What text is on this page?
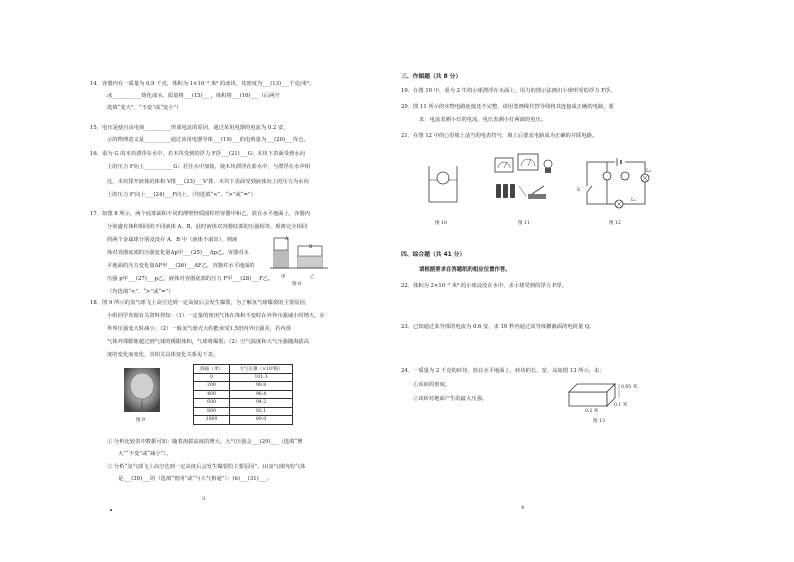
14．容器内有一质量为 0.9 千克，体积为 1×10⁻³ 米³ 的冰块，其密度为___(13)___千克/米³；
冰___________熔化成水，质量将___(15)___，体积将___(16)___（后两空
选填“变大”、“不变”或“变小”）
15．电压是使自由电荷__________形成电流的原因，通过某用电器的电流为 0.2 安，
示的物理意义是__________通过该用电器导体___(19)___的电荷量为___(20)___库仑。
16．重为 G 的木块漂浮在水中，若木块受到的浮力 F浮___(21)___G；木块下表面受到水向
上的压力 F向上___________G；若往水中加盐，使木块漂浮在盐水中，与漂浮在水中相
比，木块排开液体的体积 V排___(23)___V'排，木块下表面受到液体向上的压力为水向
上的压力 F'向上___(24)___F向上。（均选填“<”、“>”或“=”）
17．如图 8 所示，两个底部面积不同的薄壁轻质圆柱形容器甲和乙，放在水平地面上，容器内
分别盛有体积相同的不同液体 A、B，此时液体对容器底部的压强相等，现将完全相同
的两个金属球分别浸没在 A、B 中（液体不溢出），则液
体对容器底部的压强变化量Δp甲___(25)___Δp乙，容器对水
平地面的压力变化量ΔF甲___(26)___ΔF乙，容器对水平地面的
压强 p甲___(27)___p乙，液体对容器底部的压力 F甲___(28)___F乙。
（均选填“<”、“>”或“=”）
A
B
甲	乙
图 8
18．图 9 所示的氢气球飞上高空达到一定高度后会发生爆裂，为了解氢气球爆裂的主要原因，
小组同学查阅有关资料得知：（1）一定量的密闭气体在体积不变时在外界压强减小时增大，在
外界压强变大时减小；（2）一般氢气球壳大约能承受1.5倍内外压强差，若内部
气体外部膨胀超过到气球的极限体积，气球将爆裂；（2）空气温度和大气压强随海拔高
度的变化而变化，其相关具体变化关系见下表。
图 9
海拔（米）	大气压强（×10³帕）
0	101.3
200	98.8
400	96.4
600	94.2
800	92.1
1000	89.9
① 分析比较表中数据可知：随着海拔高度的增大，大气压强会___(29)___（选填“增
大”“不变”或“减小”）。
② 分析“氢气球飞上高空达到一定高度后会发生爆裂的主要原因”，(i)氢气球内的气体
是___(30)___的（选填“密闭”或“与大气相通”）；(ii)___(31)___。
3
三、作图题（共 8 分）
19．在图 10 中，重为 2 牛的小球漂浮在水面上，用力的图示法画出小球所受的浮力 F浮。
20．图 11 所示的实物电路连接还不完整，请用笔画线代替导线将其连接成正确的电路，要
求：电流表测小灯的电流，电压表测小灯两端的电压。
21．在图 12 中的○里填上适当的电表符号，填上后要求电路成为正确的并联电路。
图 10	图 11
L₂
S
L₁
图 12
四、综合题（共 41 分）
请根据要求在答题纸的相应位置作答。
22．体积为 2×10⁻³ 米³ 的小球浸没在水中，求小球受到的浮力 F浮。
23．已知通过某导体的电流为 0.6 安，求 10 秒内通过该导体横截面的电荷量 Q。
24．一质量为 2 千克的砖块，放在水平地面上，砖块的长、宽、高如图 13 所示，求：
①该砖的密度。
②该砖对地面产生的最大压强。
0.05 米
0.1 米
0.2 米
图 13
4
